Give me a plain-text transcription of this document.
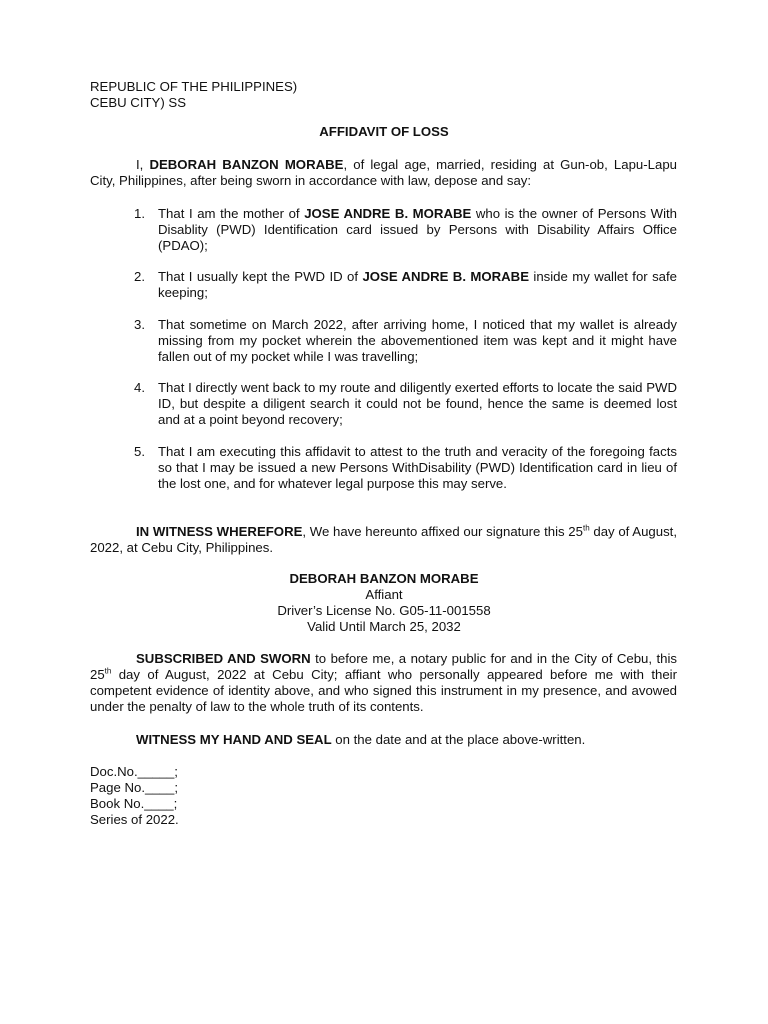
REPUBLIC OF THE PHILIPPINES)
CEBU CITY) SS
AFFIDAVIT OF LOSS
I, DEBORAH BANZON MORABE, of legal age, married, residing at Gun-ob, Lapu-Lapu City, Philippines, after being sworn in accordance with law, depose and say:
1. That I am the mother of JOSE ANDRE B. MORABE who is the owner of Persons With Disablity (PWD) Identification card issued by Persons with Disability Affairs Office (PDAO);
2. That I usually kept the PWD ID of JOSE ANDRE B. MORABE inside my wallet for safe keeping;
3. That sometime on March 2022, after arriving home, I noticed that my wallet is already missing from my pocket wherein the abovementioned item was kept and it might have fallen out of my pocket while I was travelling;
4. That I directly went back to my route and diligently exerted efforts to locate the said PWD ID, but despite a diligent search it could not be found, hence the same is deemed lost and at a point beyond recovery;
5. That I am executing this affidavit to attest to the truth and veracity of the foregoing facts so that I may be issued a new Persons WithDisability (PWD) Identification card in lieu of the lost one, and for whatever legal purpose this may serve.
IN WITNESS WHEREFORE, We have hereunto affixed our signature this 25th day of August, 2022, at Cebu City, Philippines.
DEBORAH BANZON MORABE
Affiant
Driver’s License No. G05-11-001558
Valid Until March 25, 2032
SUBSCRIBED AND SWORN to before me, a notary public for and in the City of Cebu, this 25th day of August, 2022 at Cebu City; affiant who personally appeared before me with their competent evidence of identity above, and who signed this instrument in my presence, and avowed under the penalty of law to the whole truth of its contents.
WITNESS MY HAND AND SEAL on the date and at the place above-written.
Doc.No._____;
Page No.____;
Book No.____;
Series of 2022.
